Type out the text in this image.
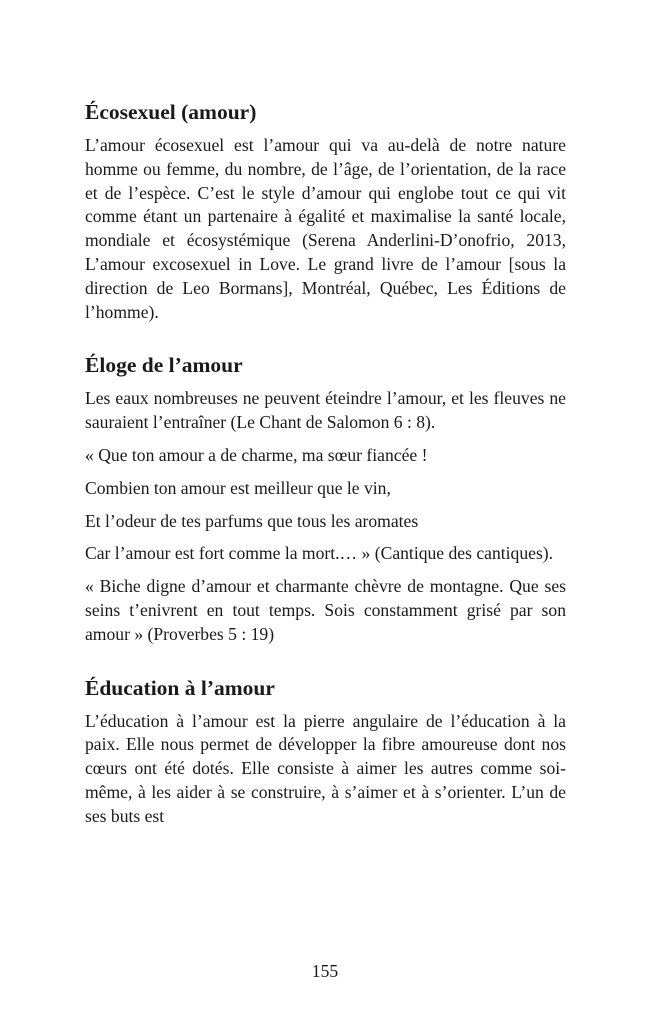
Écosexuel (amour)

L’amour écosexuel est l’amour qui va au-delà de notre nature homme ou femme, du nombre, de l’âge, de l’orientation, de la race et de l’espèce. C’est le style d’amour qui englobe tout ce qui vit comme étant un partenaire à égalité et maximalise la santé locale, mondiale et écosystémique (Serena Anderlini-D’onofrio, 2013, L’amour excosexuel in Love. Le grand livre de l’amour [sous la direction de Leo Bormans], Montréal, Québec, Les Éditions de l’homme).

Éloge de l’amour

Les eaux nombreuses ne peuvent éteindre l’amour, et les fleuves ne sauraient l’entraîner (Le Chant de Salomon 6 : 8).

« Que ton amour a de charme, ma sœur fiancée !

Combien ton amour est meilleur que le vin,

Et l’odeur de tes parfums que tous les aromates

Car l’amour est fort comme la mort.… » (Cantique des cantiques).

« Biche digne d’amour et charmante chèvre de montagne. Que ses seins t’enivrent en tout temps. Sois constamment grisé par son amour » (Proverbes 5 : 19)

Éducation à l’amour

L’éducation à l’amour est la pierre angulaire de l’éducation à la paix. Elle nous permet de développer la fibre amoureuse dont nos cœurs ont été dotés. Elle consiste à aimer les autres comme soi-même, à les aider à se construire, à s’aimer et à s’orienter. L’un de ses buts est

155
